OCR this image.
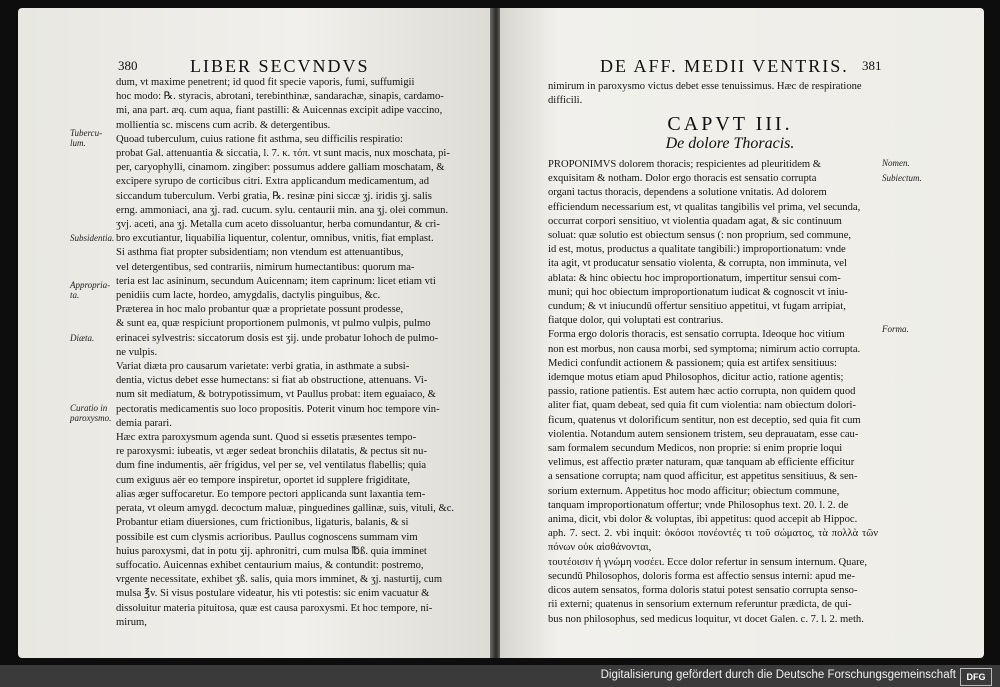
380	LIBER SECVNDVS
Tubercu-lum.
Subsidentia.
Appropria-ta.
Diæta.
Curatio in paroxysmo.

dum, vt maxime penetrent; id quod fit specie vaporis, fumi, suffumigii

hoc modo: ℞. styracis, abrotani, terebinthinæ, sandarachæ, sinapis, cardamo-

mi, ana part. æq. cum aqua, fiant pastilli: & Auicennas excipit adipe vaccino,

mollientia sc. miscens cum acrib. & detergentibus.

Quoad tuberculum, cuius ratione fit asthma, seu difficilis respiratio:

probat Gal. attenuantia & siccatia, l. 7. κ. τόπ. vt sunt macis, nux moschata, pi-

per, caryophylli, cinamom. zingiber: possumus addere galliam moschatam, &

excipere syrupo de corticibus citri. Extra applicandum medicamentum, ad

siccandum tuberculum. Verbi gratia, ℞. resinæ pini siccæ ʒj. iridis ʒj. salis

erng. ammoniaci, ana ʒj. rad. cucum. sylu. centaurii min. ana ʒj. olei commun.

ʒvj. aceti, ana ʒj. Metalla cum aceto dissoluantur, herba comundantur, & cri-

bro excutiantur, liquabilia liquentur, colentur, omnibus, vnitis, fiat emplast.

Si asthma fiat propter subsidentiam; non vtendum est attenuantibus,

vel detergentibus, sed contrariis, nimirum humectantibus: quorum ma-

teria est lac asininum, secundum Auicennam; item caprinum: licet etiam vti

penidiis cum lacte, hordeo, amygdalis, dactylis pinguibus, &c.

Præterea in hoc malo probantur quæ a proprietate possunt prodesse,

& sunt ea, quæ respiciunt proportionem pulmonis, vt pulmo vulpis, pulmo

erinacei sylvestris: siccatorum dosis est ʒij. unde probatur lohoch de pulmo-

ne vulpis.

Variat diæta pro causarum varietate: verbi gratia, in asthmate a subsi-

dentia, victus debet esse humectans: si fiat ab obstructione, attenuans. Vi-

num sit mediatum, & botrypotissimum, vt Paullus probat: item eguaiaco, &

pectoratis medicamentis suo loco propositis. Poterit vinum hoc tempore vin-

demia parari.

Hæc extra paroxysmum agenda sunt. Quod si essetis præsentes tempo-

re paroxysmi: iubeatis, vt æger sedeat bronchiis dilatatis, & pectus sit nu-

dum fine indumentis, aër frigidus, vel per se, vel ventilatus flabellis; quia

cum exiguus aër eo tempore inspiretur, oportet id supplere frigiditate,

alias æger suffocaretur. Eo tempore pectori applicanda sunt laxantia tem-

perata, vt oleum amygd. decoctum maluæ, pinguedines gallinæ, suis, vituli, &c.

Probantur etiam diuersiones, cum frictionibus, ligaturis, balanis, & si

possibile est cum clysmis acrioribus. Paullus cognoscens summam vim

huius paroxysmi, dat in potu ʒij. aphronitri, cum mulsa ℔ß. quia imminet

suffocatio. Auicennas exhibet centaurium maius, & contundit: postremo,

vrgente necessitate, exhibet ʒß. salis, quia mors imminet, & ʒj. nasturtij, cum

mulsa ℥v. Si visus postulare videatur, his vti potestis: sic enim vacuatur &

dissoluitur materia pituitosa, quæ est causa paroxysmi. Et hoc tempore, ni-

mirum,

DE AFF. MEDII VENTRIS. 381

nimirum in paroxysmo victus debet esse tenuissimus. Hæc de respiratione

difficili.

CAPVT III.
De dolore Thoracis.
Nomen.
Subiectum.
Forma.

PROPONIMVS dolorem thoracis; respicientes ad pleuritidem &

exquisitam & notham. Dolor ergo thoracis est sensatio corrupta

organi tactus thoracis, dependens a solutione vnitatis. Ad dolorem

efficiendum necessarium est, vt qualitas tangibilis vel prima, vel secunda,

occurrat corpori sensitiuo, vt violentia quadam agat, & sic continuum

soluat: quæ solutio est obiectum sensus (: non proprium, sed commune,

id est, motus, productus a qualitate tangibili:) improportionatum: vnde

ita agit, vt producatur sensatio violenta, & corrupta, non imminuta, vel

ablata: & hinc obiectu hoc improportionatum, impertitur sensui com-

muni; qui hoc obiectum improportionatum iudicat & cognoscit vt iniu-

cundum; & vt iniucundū offertur sensitiuo appetitui, vt fugam arripiat,

fiatque dolor, qui voluptati est contrarius.

Forma ergo doloris thoracis, est sensatio corrupta. Ideoque hoc vitium

non est morbus, non causa morbi, sed symptoma; nimirum actio corrupta.

Medici confundit actionem & passionem; quia est artifex sensitiuus:

idemque motus etiam apud Philosophos, dicitur actio, ratione agentis;

passio, ratione patientis. Est autem hæc actio corrupta, non quidem quod

aliter fiat, quam debeat, sed quia fit cum violentia: nam obiectum dolori-

ficum, quatenus vt dolorificum sentitur, non est deceptio, sed quia fit cum

violentia. Notandum autem sensionem tristem, seu deprauatam, esse cau-

sam formalem secundum Medicos, non proprie: si enim proprie loqui

velimus, est affectio præter naturam, quæ tanquam ab efficiente efficitur

a sensatione corrupta; nam quod afficitur, est appetitus sensitiuus, & sen-

sorium externum. Appetitus hoc modo afficitur; obiectum commune,

tanquam improportionatum offertur; vnde Philosophus text. 20. l. 2. de

anima, dicit, vbi dolor & voluptas, ibi appetitus: quod accepit ab Hippoc.

aph. 7. sect. 2. vbi inquit: ὁκόσοι πονέοντές τι τοῦ σώματος, τὰ πολλὰ τῶν πόνων οὐκ αἰσθάνονται,

τουτέοισιν ἡ γνώμη νοσέει. Ecce dolor refertur in sensum internum. Quare,

secundū Philosophos, doloris forma est affectio sensus interni: apud me-

dicos autem sensatos, forma doloris statui potest sensatio corrupta senso-

rii externi; quatenus in sensorium externum referuntur prædicta, de qui-

bus non philosophus, sed medicus loquitur, vt docet Galen. c. 7. l. 2. meth.

Digitalisierung gefördert durch die Deutsche Forschungsgemeinschaft	DFG
